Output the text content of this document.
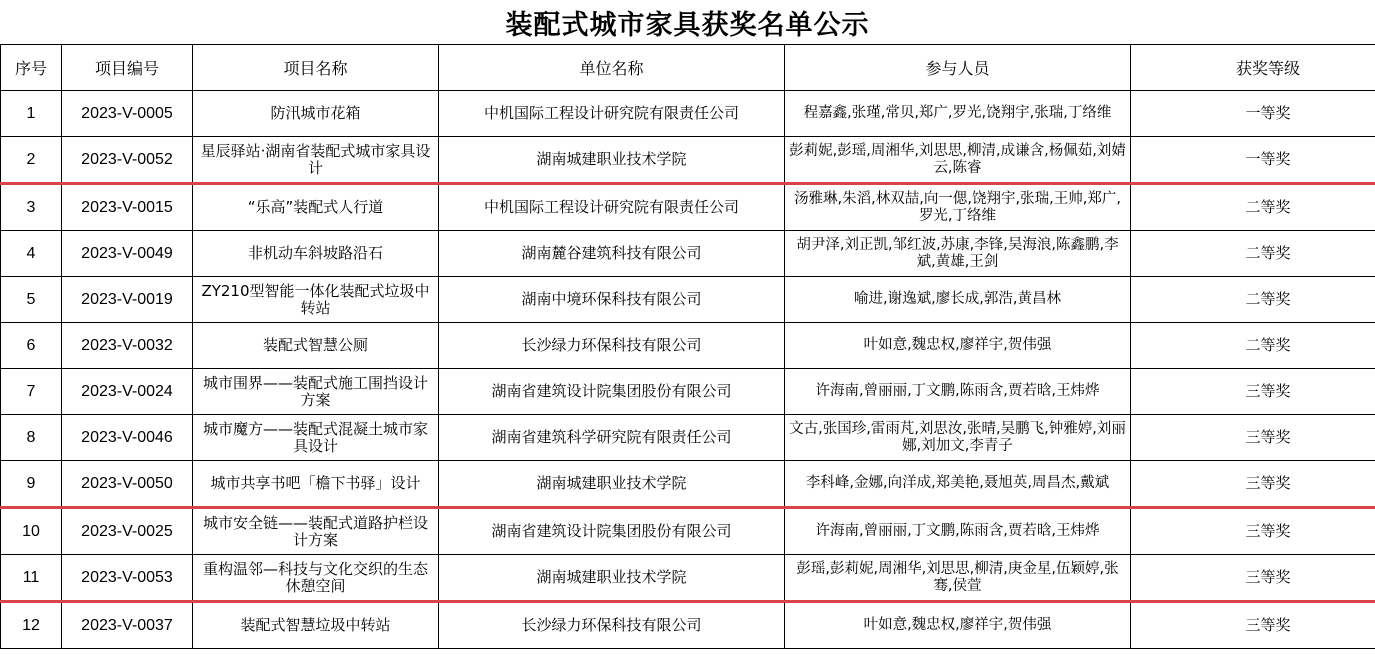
装配式城市家具获奖名单公示
序号	项目编号	项目名称	单位名称	参与人员	获奖等级
1	2023-V-0005	防汛城市花箱	中机国际工程设计研究院有限责任公司	程嘉鑫,张瑾,常贝,郑广,罗光,饶翔宇,张瑞,丁络维	一等奖
2	2023-V-0052	星辰驿站·湖南省装配式城市家具设计	湖南城建职业技术学院	彭莉妮,彭瑶,周湘华,刘思思,柳清,成谦含,杨佩茹,刘婧云,陈睿	一等奖
3	2023-V-0015	“乐高”装配式人行道	中机国际工程设计研究院有限责任公司	汤雅琳,朱滔,林双喆,向一偲,饶翔宇,张瑞,王帅,郑广,罗光,丁络维	二等奖
4	2023-V-0049	非机动车斜坡路沿石	湖南麓谷建筑科技有限公司	胡尹泽,刘正凯,邹红波,苏康,李锋,吴海浪,陈鑫鹏,李斌,黄雄,王剑	二等奖
5	2023-V-0019	ZY210型智能一体化装配式垃圾中转站	湖南中境环保科技有限公司	喻进,谢逸斌,廖长成,郭浩,黄昌林	二等奖
6	2023-V-0032	装配式智慧公厕	长沙绿力环保科技有限公司	叶如意,魏忠权,廖祥宇,贺伟强	二等奖
7	2023-V-0024	城市围界——装配式施工围挡设计方案	湖南省建筑设计院集团股份有限公司	许海南,曾丽丽,丁文鹏,陈雨含,贾若晗,王炜烨	三等奖
8	2023-V-0046	城市魔方——装配式混凝土城市家具设计	湖南省建筑科学研究院有限责任公司	文古,张国珍,雷雨芃,刘思汝,张晴,吴鹏飞,钟雅婷,刘丽娜,刘加文,李青子	三等奖
9	2023-V-0050	城市共享书吧「檐下书驿」设计	湖南城建职业技术学院	李科峰,金娜,向洋成,郑美艳,聂旭英,周昌杰,戴斌	三等奖
10	2023-V-0025	城市安全链——装配式道路护栏设计方案	湖南省建筑设计院集团股份有限公司	许海南,曾丽丽,丁文鹏,陈雨含,贾若晗,王炜烨	三等奖
11	2023-V-0053	重构温邻—科技与文化交织的生态休憩空间	湖南城建职业技术学院	彭瑶,彭莉妮,周湘华,刘思思,柳清,庚金星,伍颖婷,张骞,侯萱	三等奖
12	2023-V-0037	装配式智慧垃圾中转站	长沙绿力环保科技有限公司	叶如意,魏忠权,廖祥宇,贺伟强	三等奖
